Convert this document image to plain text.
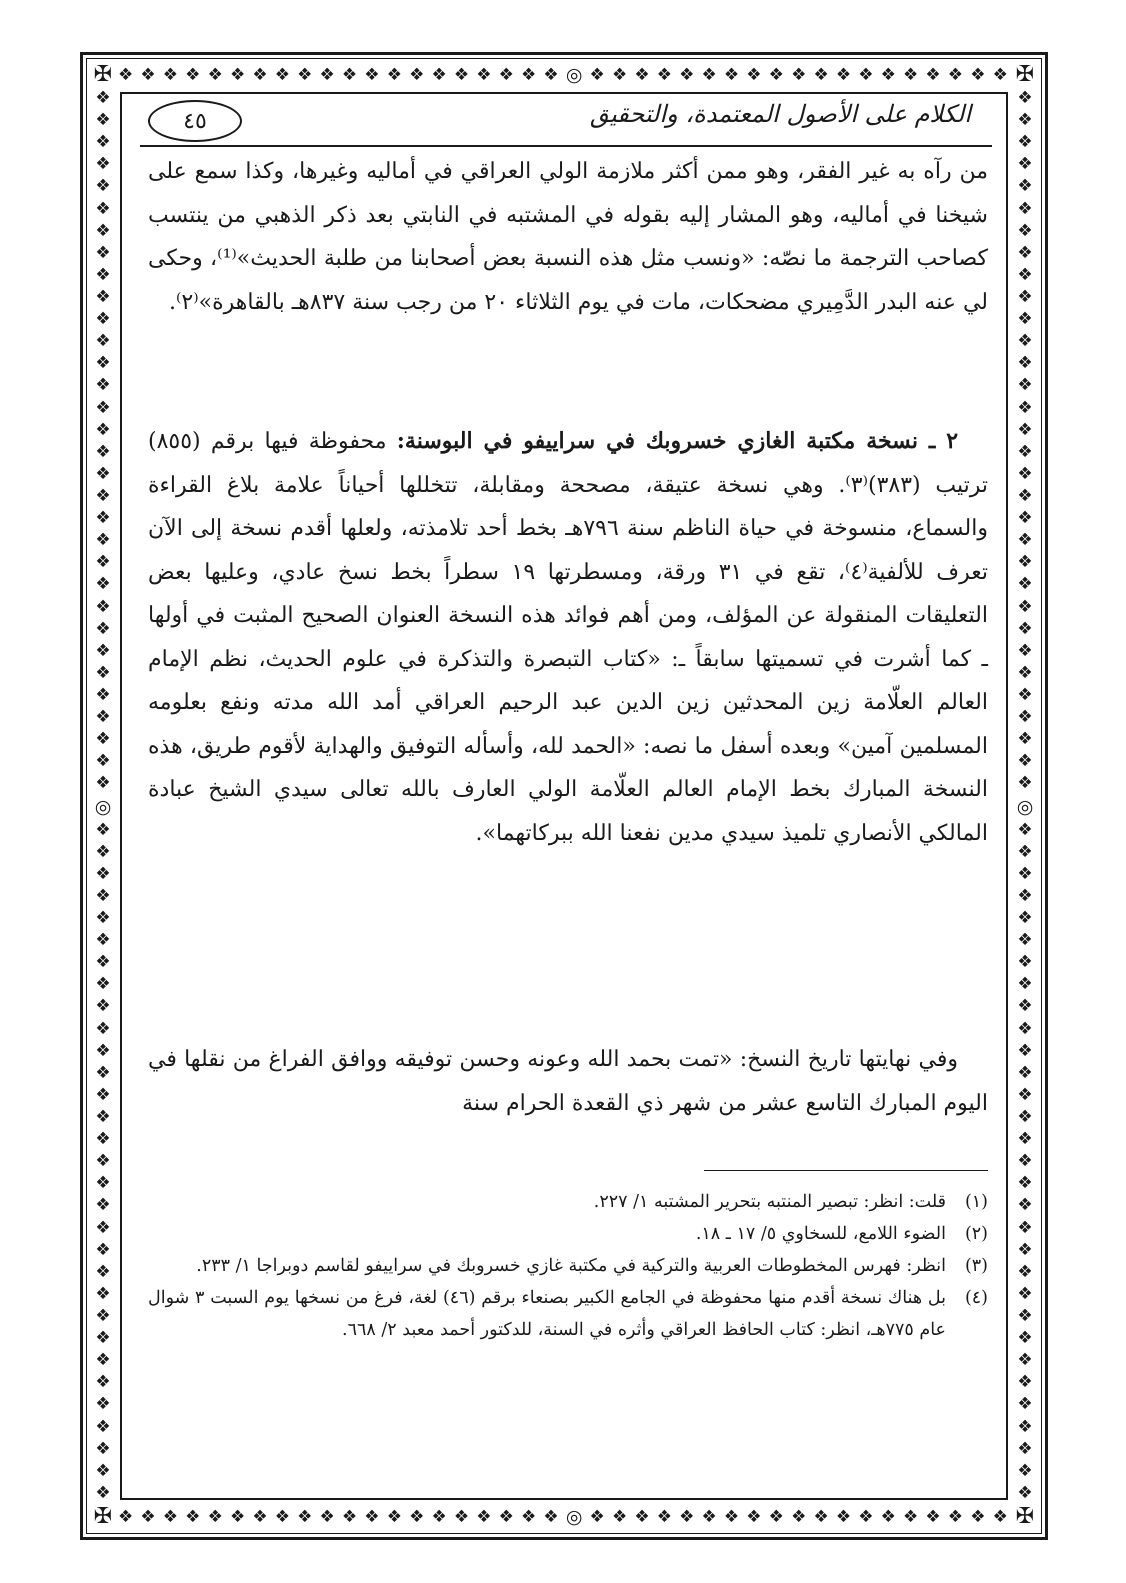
✠	✠
✠	✠
❖ ❖ ❖ ❖ ❖ ❖ ❖ ❖ ❖ ❖ ❖ ❖ ❖ ❖ ❖ ❖ ❖ ❖ ❖ ❖ ◎ ❖ ❖ ❖ ❖ ❖ ❖ ❖ ❖ ❖ ❖ ❖ ❖ ❖ ❖ ❖ ❖ ❖ ❖ ❖
❖ ❖ ❖ ❖ ❖ ❖ ❖ ❖ ❖ ❖ ❖ ❖ ❖ ❖ ❖ ❖ ❖ ❖ ❖ ❖ ◎ ❖ ❖ ❖ ❖ ❖ ❖ ❖ ❖ ❖ ❖ ❖ ❖ ❖ ❖ ❖ ❖ ❖ ❖ ❖
❖
❖
❖
❖
❖
❖
❖
❖
❖
❖
❖
❖
❖
❖
❖
❖
❖
❖
❖
❖
❖
❖
❖
❖
❖
❖
❖
❖
❖
❖
❖
❖
◎
❖
❖
❖
❖
❖
❖
❖
❖
❖
❖
❖
❖
❖
❖
❖
❖
❖
❖
❖
❖
❖
❖
❖
❖
❖
❖
❖
❖
❖
❖
❖
❖
❖
❖
❖
❖
❖
❖
❖
❖
❖
❖
❖
❖
❖
❖
❖
❖
❖
❖
❖
❖
❖
❖
❖
❖
❖
❖
❖
❖
❖
❖
❖
◎
❖
❖
❖
❖
❖
❖
❖
❖
❖
❖
❖
❖
❖
❖
❖
❖
❖
❖
❖
❖
❖
❖
❖
❖
❖
❖
❖
❖
❖
❖
❖
الكلام على الأصول المعتمدة، والتحقيق
٤٥

من رآه به غير الفقر، وهو ممن أكثر ملازمة الولي العراقي في أماليه وغيرها، وكذا سمع على شيخنا في أماليه، وهو المشار إليه بقوله في المشتبه في النابتي بعد ذكر الذهبي من ينتسب كصاحب الترجمة ما نصّه: «ونسب مثل هذه النسبة بعض أصحابنا من طلبة الحديث»⁽¹⁾، وحكى لي عنه البدر الدَّمِيري مضحكات، مات في يوم الثلاثاء ٢٠ من رجب سنة ٨٣٧هـ بالقاهرة»⁽٢⁾.

٢ ـ نسخة مكتبة الغازي خسروبك في سراييفو في البوسنة: محفوظة فيها برقم (٨٥٥) ترتيب (٣٨٣)⁽٣⁾. وهي نسخة عتيقة، مصححة ومقابلة، تتخللها أحياناً علامة بلاغ القراءة والسماع، منسوخة في حياة الناظم سنة ٧٩٦هـ بخط أحد تلامذته، ولعلها أقدم نسخة إلى الآن تعرف للألفية⁽٤⁾، تقع في ٣١ ورقة، ومسطرتها ١٩ سطراً بخط نسخ عادي، وعليها بعض التعليقات المنقولة عن المؤلف، ومن أهم فوائد هذه النسخة العنوان الصحيح المثبت في أولها ـ كما أشرت في تسميتها سابقاً ـ: «كتاب التبصرة والتذكرة في علوم الحديث، نظم الإمام العالم العلّامة زين المحدثين زين الدين عبد الرحيم العراقي أمد الله مدته ونفع بعلومه المسلمين آمين» وبعده أسفل ما نصه: «الحمد لله، وأسأله التوفيق والهداية لأقوم طريق، هذه النسخة المبارك بخط الإمام العالم العلّامة الولي العارف بالله تعالى سيدي الشيخ عبادة المالكي الأنصاري تلميذ سيدي مدين نفعنا الله ببركاتهما».

وفي نهايتها تاريخ النسخ: «تمت بحمد الله وعونه وحسن توفيقه ووافق الفراغ من نقلها في اليوم المبارك التاسع عشر من شهر ذي القعدة الحرام سنة

(١)
قلت: انظر: تبصير المنتبه بتحرير المشتبه ١/ ٢٢٧.
(٢)
الضوء اللامع، للسخاوي ٥/ ١٧ ـ ١٨.
(٣)
انظر: فهرس المخطوطات العربية والتركية في مكتبة غازي خسروبك في سراييفو لقاسم دوبراجا ١/ ٢٣٣.
(٤)
بل هناك نسخة أقدم منها محفوظة في الجامع الكبير بصنعاء برقم (٤٦) لغة، فرغ من نسخها يوم السبت ٣ شوال عام ٧٧٥هـ، انظر: كتاب الحافظ العراقي وأثره في السنة، للدكتور أحمد معبد ٢/ ٦٦٨.
